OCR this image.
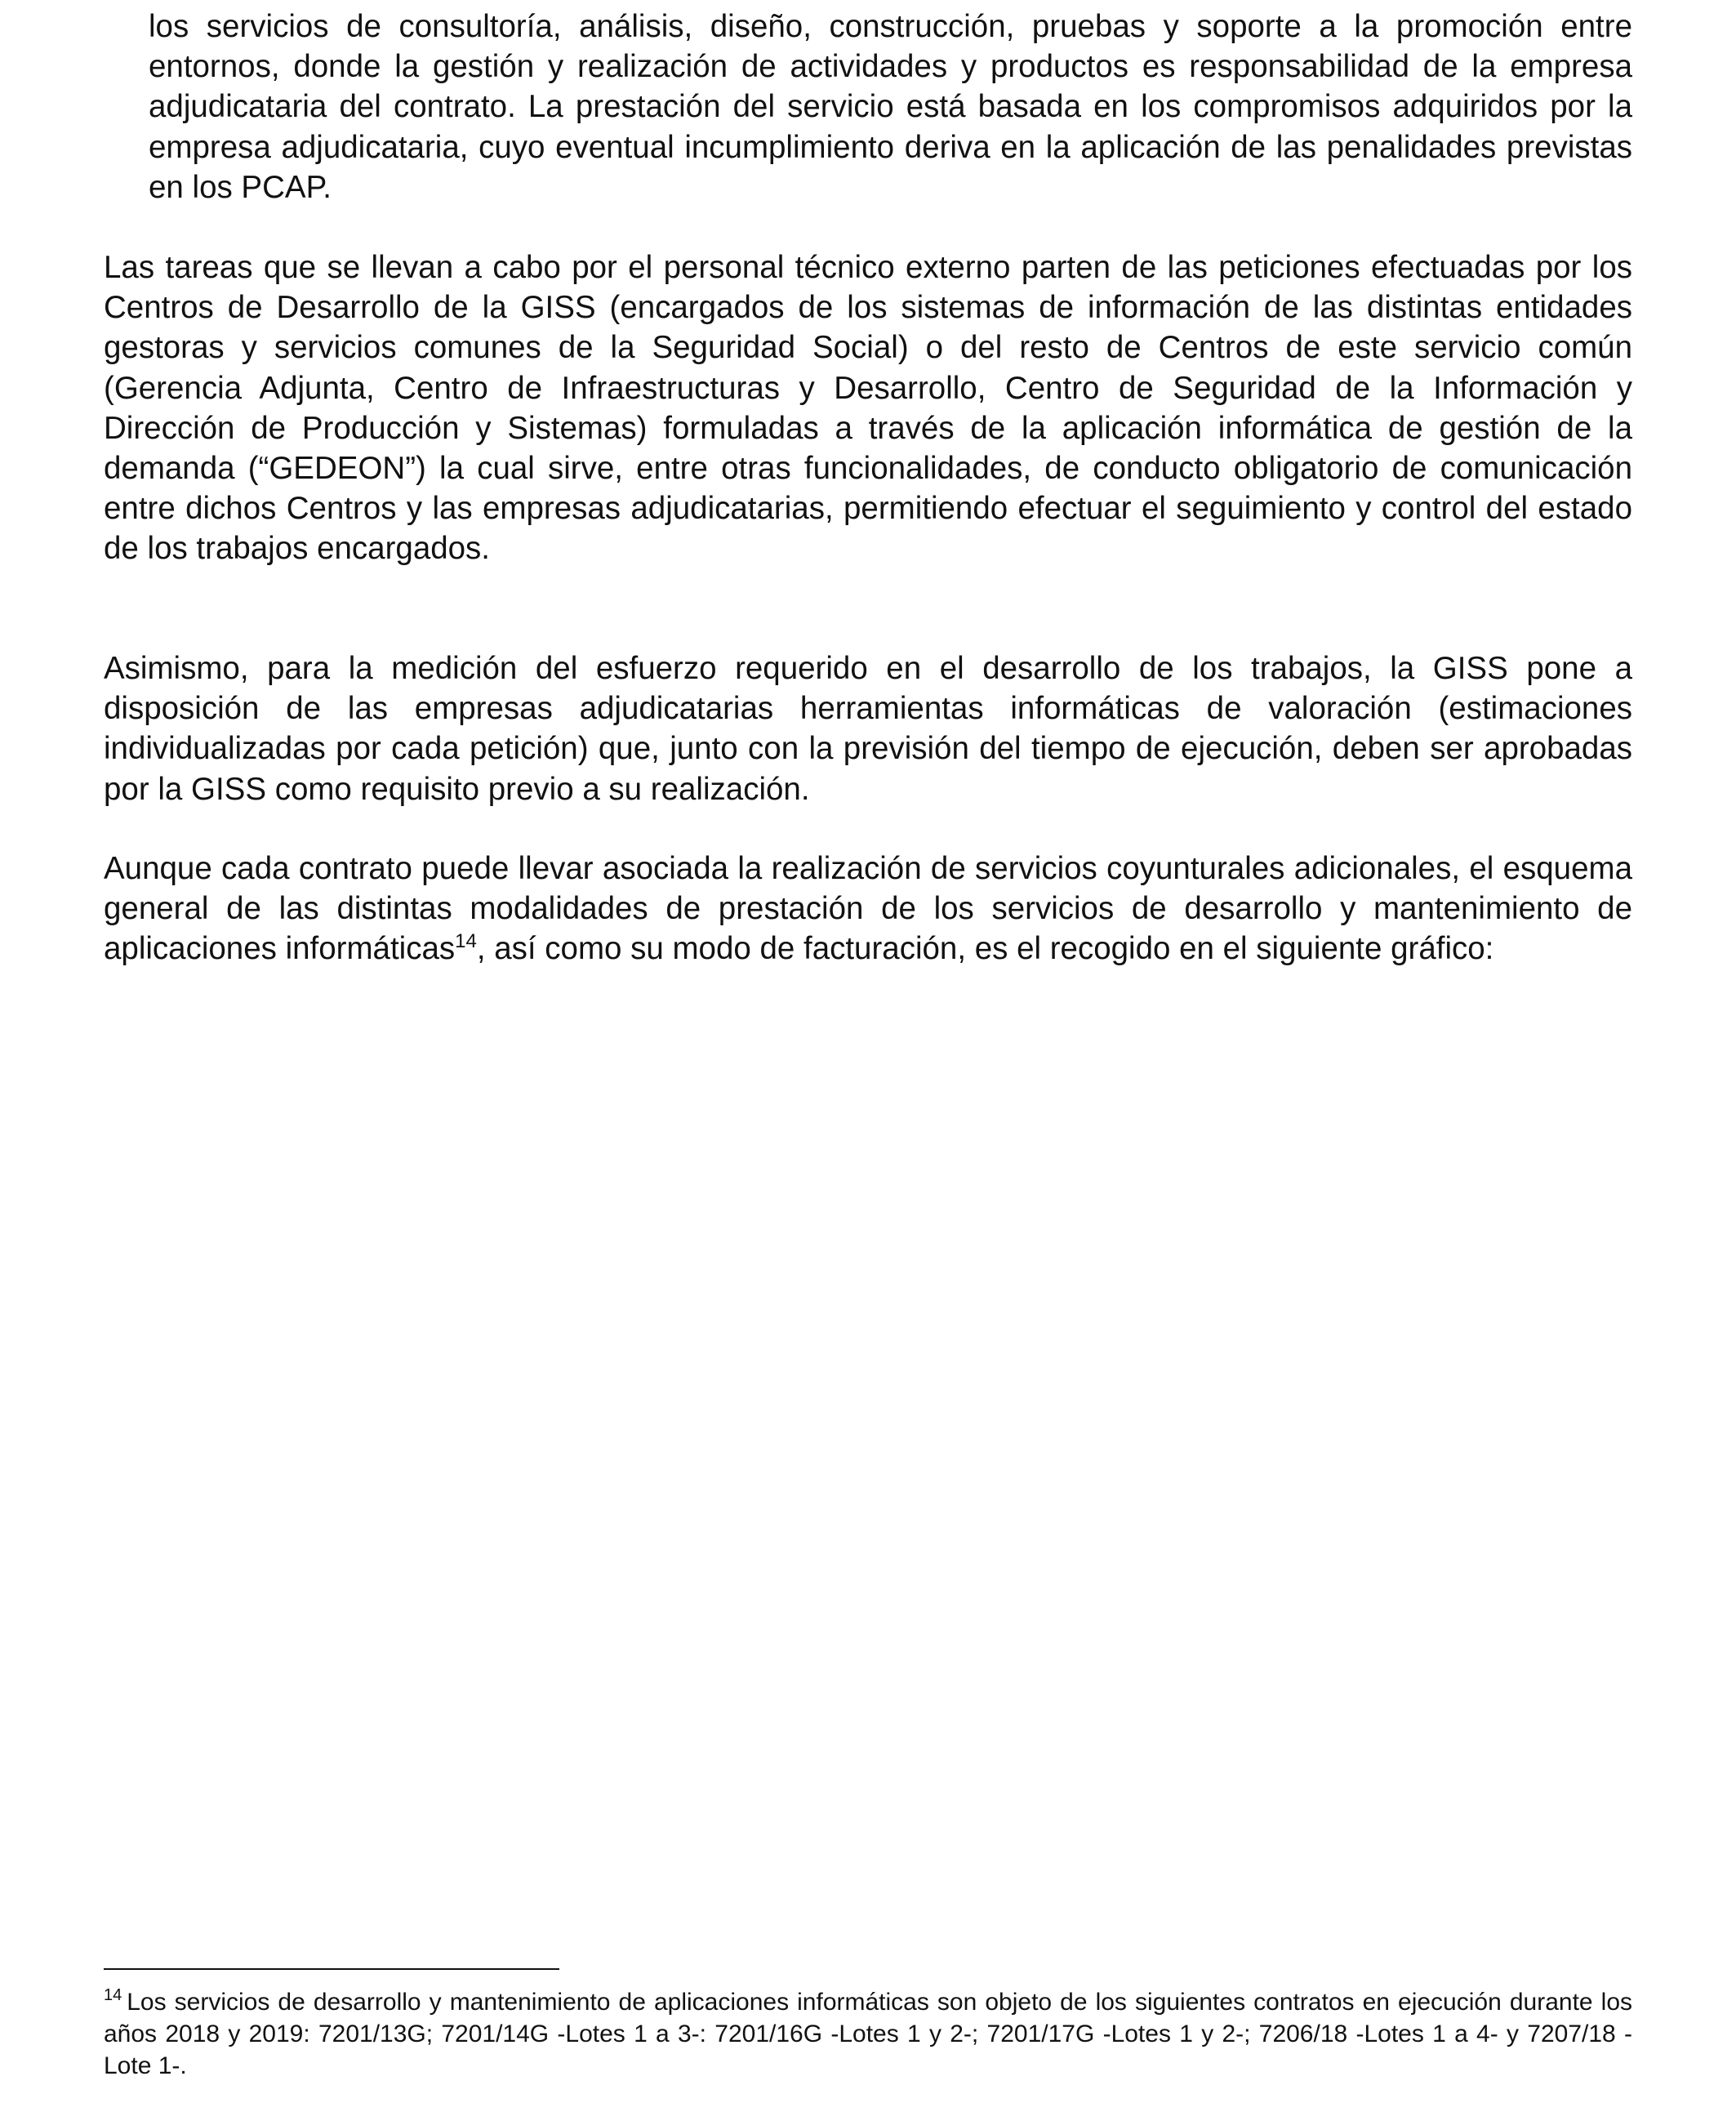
los servicios de consultoría, análisis, diseño, construcción, pruebas y soporte a la promoción entre entornos, donde la gestión y realización de actividades y productos es responsabilidad de la empresa adjudicataria del contrato. La prestación del servicio está basada en los compromisos adquiridos por la empresa adjudicataria, cuyo eventual incumplimiento deriva en la aplicación de las penalidades previstas en los PCAP.

Las tareas que se llevan a cabo por el personal técnico externo parten de las peticiones efectuadas por los Centros de Desarrollo de la GISS (encargados de los sistemas de información de las distintas entidades gestoras y servicios comunes de la Seguridad Social) o del resto de Centros de este servicio común (Gerencia Adjunta, Centro de Infraestructuras y Desarrollo, Centro de Seguridad de la Información y Dirección de Producción y Sistemas) formuladas a través de la aplicación informática de gestión de la demanda (“GEDEON”) la cual sirve, entre otras funcionalidades, de conducto obligatorio de comunicación entre dichos Centros y las empresas adjudicatarias, permitiendo efectuar el seguimiento y control del estado de los trabajos encargados.

Asimismo, para la medición del esfuerzo requerido en el desarrollo de los trabajos, la GISS pone a disposición de las empresas adjudicatarias herramientas informáticas de valoración (estimaciones individualizadas por cada petición) que, junto con la previsión del tiempo de ejecución, deben ser aprobadas por la GISS como requisito previo a su realización.

Aunque cada contrato puede llevar asociada la realización de servicios coyunturales adicionales, el esquema general de las distintas modalidades de prestación de los servicios de desarrollo y mantenimiento de aplicaciones informáticas$^{14}$, así como su modo de facturación, es el recogido en el siguiente gráfico:

$^{14}$ Los servicios de desarrollo y mantenimiento de aplicaciones informáticas son objeto de los siguientes contratos en ejecución durante los años 2018 y 2019: 7201/13G; 7201/14G -Lotes 1 a 3-: 7201/16G -Lotes 1 y 2-; 7201/17G -Lotes 1 y 2-; 7206/18 -Lotes 1 a 4- y 7207/18 -Lote 1-.
